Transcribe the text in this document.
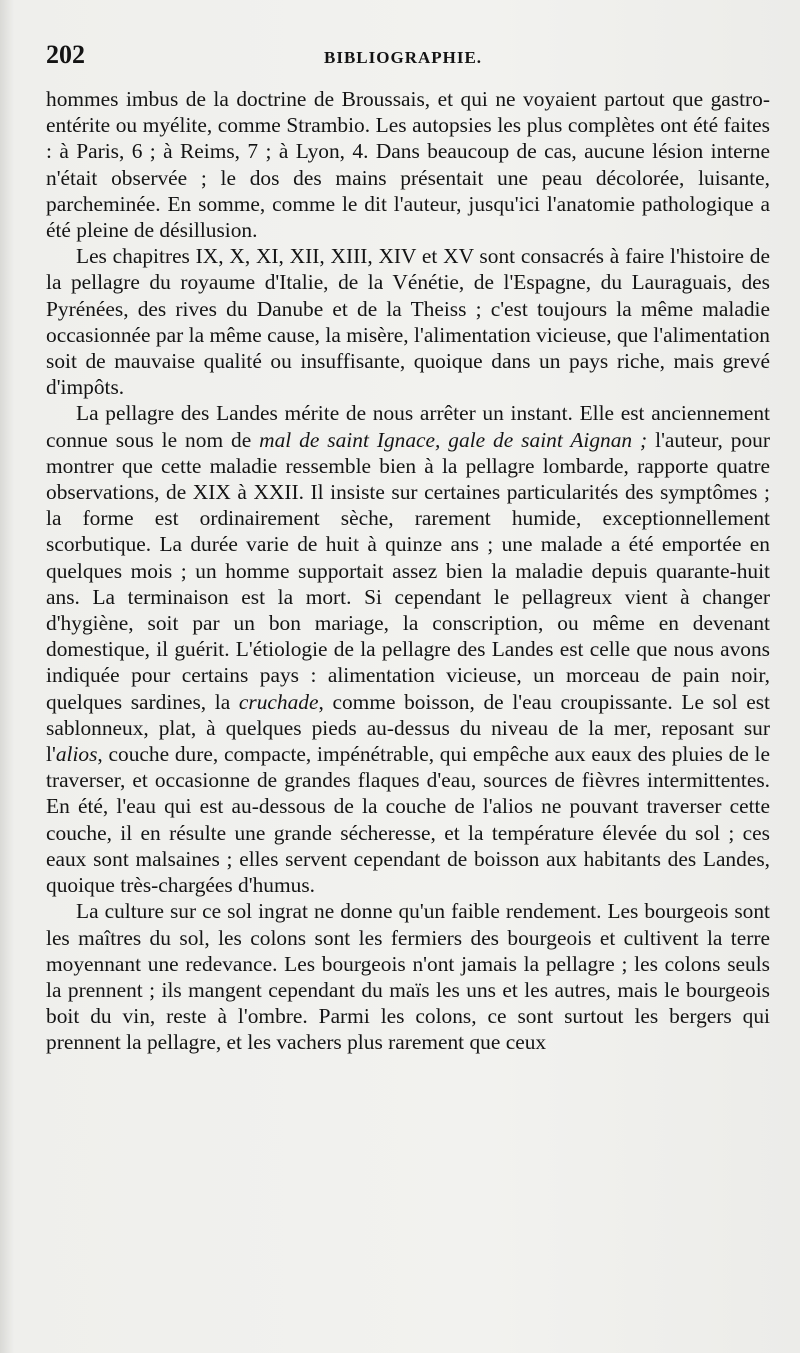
202	BIBLIOGRAPHIE.

hommes imbus de la doctrine de Broussais, et qui ne voyaient partout que gastro-entérite ou myélite, comme Strambio. Les autopsies les plus complètes ont été faites : à Paris, 6 ; à Reims, 7 ; à Lyon, 4. Dans beaucoup de cas, aucune lésion interne n'était observée ; le dos des mains présentait une peau décolorée, luisante, parcheminée. En somme, comme le dit l'auteur, jusqu'ici l'anatomie pathologique a été pleine de désillusion.

Les chapitres IX, X, XI, XII, XIII, XIV et XV sont consacrés à faire l'histoire de la pellagre du royaume d'Italie, de la Vénétie, de l'Espagne, du Lauraguais, des Pyrénées, des rives du Danube et de la Theiss ; c'est toujours la même maladie occasionnée par la même cause, la misère, l'alimentation vicieuse, que l'alimentation soit de mauvaise qualité ou insuffisante, quoique dans un pays riche, mais grevé d'impôts.

La pellagre des Landes mérite de nous arrêter un instant. Elle est anciennement connue sous le nom de mal de saint Ignace, gale de saint Aignan ; l'auteur, pour montrer que cette maladie ressemble bien à la pellagre lombarde, rapporte quatre observations, de XIX à XXII. Il insiste sur certaines particularités des symptômes ; la forme est ordinairement sèche, rarement humide, exceptionnellement scorbutique. La durée varie de huit à quinze ans ; une malade a été emportée en quelques mois ; un homme supportait assez bien la maladie depuis quarante-huit ans. La terminaison est la mort. Si cependant le pellagreux vient à changer d'hygiène, soit par un bon mariage, la conscription, ou même en devenant domestique, il guérit. L'étiologie de la pellagre des Landes est celle que nous avons indiquée pour certains pays : alimentation vicieuse, un morceau de pain noir, quelques sardines, la cruchade, comme boisson, de l'eau croupissante. Le sol est sablonneux, plat, à quelques pieds au-dessus du niveau de la mer, reposant sur l'alios, couche dure, compacte, impénétrable, qui empêche aux eaux des pluies de le traverser, et occasionne de grandes flaques d'eau, sources de fièvres intermittentes. En été, l'eau qui est au-dessous de la couche de l'alios ne pouvant traverser cette couche, il en résulte une grande sécheresse, et la température élevée du sol ; ces eaux sont malsaines ; elles servent cependant de boisson aux habitants des Landes, quoique très-chargées d'humus.

La culture sur ce sol ingrat ne donne qu'un faible rendement. Les bourgeois sont les maîtres du sol, les colons sont les fermiers des bourgeois et cultivent la terre moyennant une redevance. Les bourgeois n'ont jamais la pellagre ; les colons seuls la prennent ; ils mangent cependant du maïs les uns et les autres, mais le bourgeois boit du vin, reste à l'ombre. Parmi les colons, ce sont surtout les bergers qui prennent la pellagre, et les vachers plus rarement que ceux
